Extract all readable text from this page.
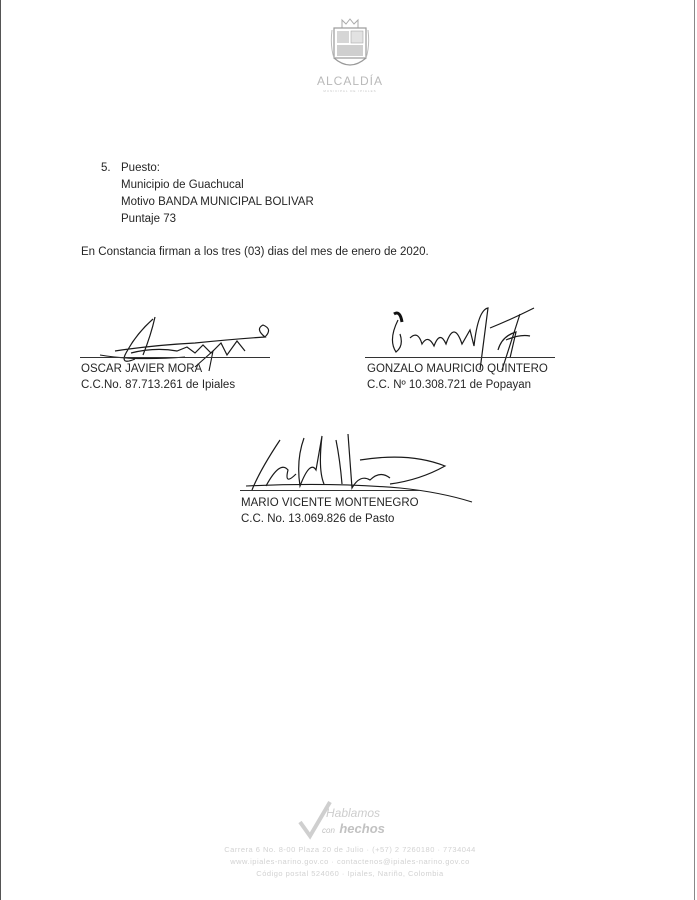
ALCALDÍA
MUNICIPAL DE IPIALES
5. Puesto:
Municipio de Guachucal
Motivo BANDA MUNICIPAL BOLIVAR
Puntaje 73
En Constancia firman a los tres (03) dias del mes de enero de 2020.
OSCAR JAVIER MORA
C.C.No. 87.713.261 de Ipiales
GONZALO MAURICIO QUINTERO
C.C. Nº 10.308.721 de Popayan
MARIO VICENTE MONTENEGRO
C.C. No. 13.069.826 de Pasto
Hablamos
con hechos
Carrera 6 No. 8-00 Plaza 20 de Julio · (+57) 2 7260180 · 7734044
www.ipiales-narino.gov.co · contactenos@ipiales-narino.gov.co
Código postal 524060 · Ipiales, Nariño, Colombia
